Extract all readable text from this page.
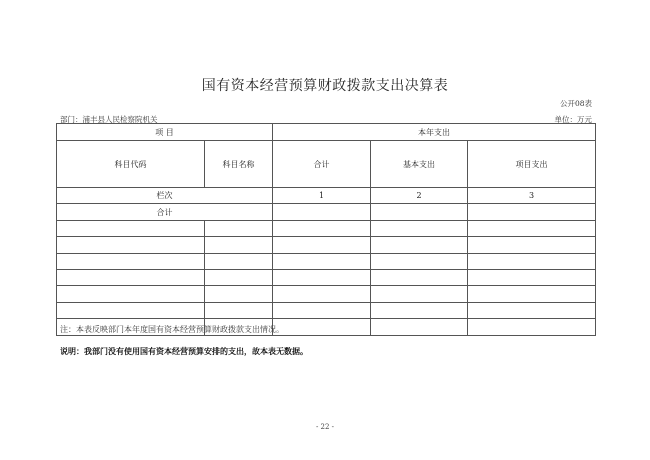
国有资本经营预算财政拨款支出决算表
公开08表
部门：浦丰县人民检察院机关	单位：万元
项 目		本年支出		
科目代码	科目名称	合计	基本支出	项目支出
栏次		1	2	3
合计				

注：本表反映部门本年度国有资本经营预算财政拨款支出情况。
说明：我部门没有使用国有资本经营预算安排的支出，故本表无数据。
- 22 -
